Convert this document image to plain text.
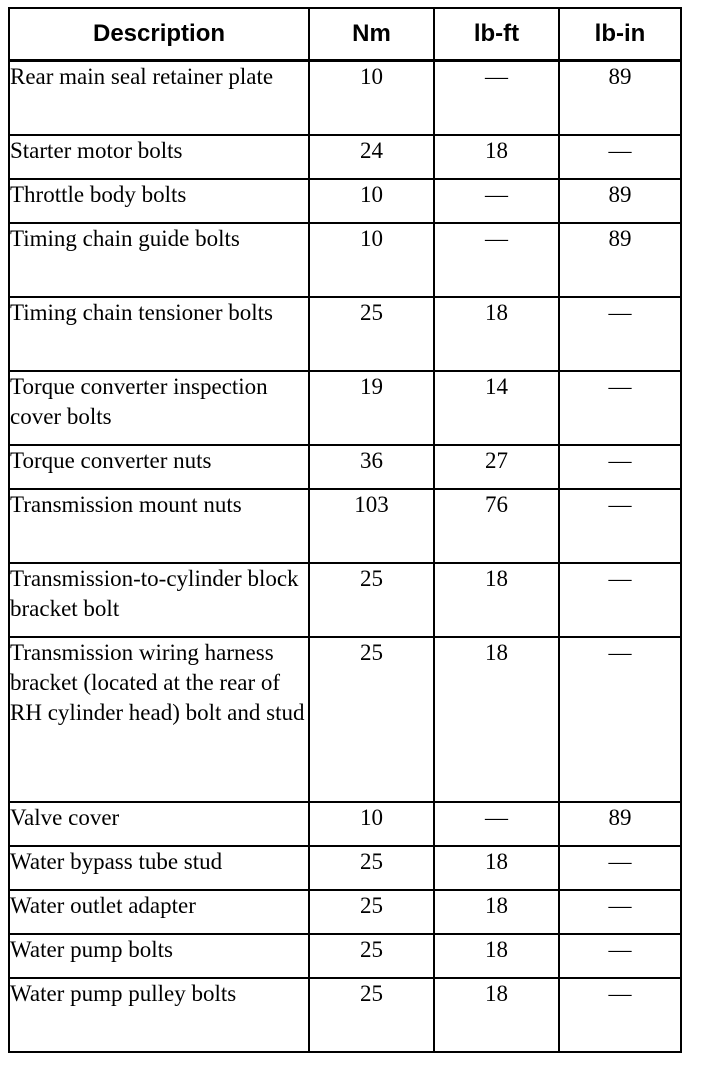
Description	Nm	lb-ft	lb-in
Rear main seal retainer plate	10	—	89
Starter motor bolts	24	18	—
Throttle body bolts	10	—	89
Timing chain guide bolts	10	—	89
Timing chain tensioner bolts	25	18	—
Torque converter inspection cover bolts	19	14	—
Torque converter nuts	36	27	—
Transmission mount nuts	103	76	—
Transmission-to-cylinder block bracket bolt	25	18	—
Transmission wiring harness bracket (located at the rear of RH cylinder head) bolt and stud	25	18	—
Valve cover	10	—	89
Water bypass tube stud	25	18	—
Water outlet adapter	25	18	—
Water pump bolts	25	18	—
Water pump pulley bolts	25	18	—
